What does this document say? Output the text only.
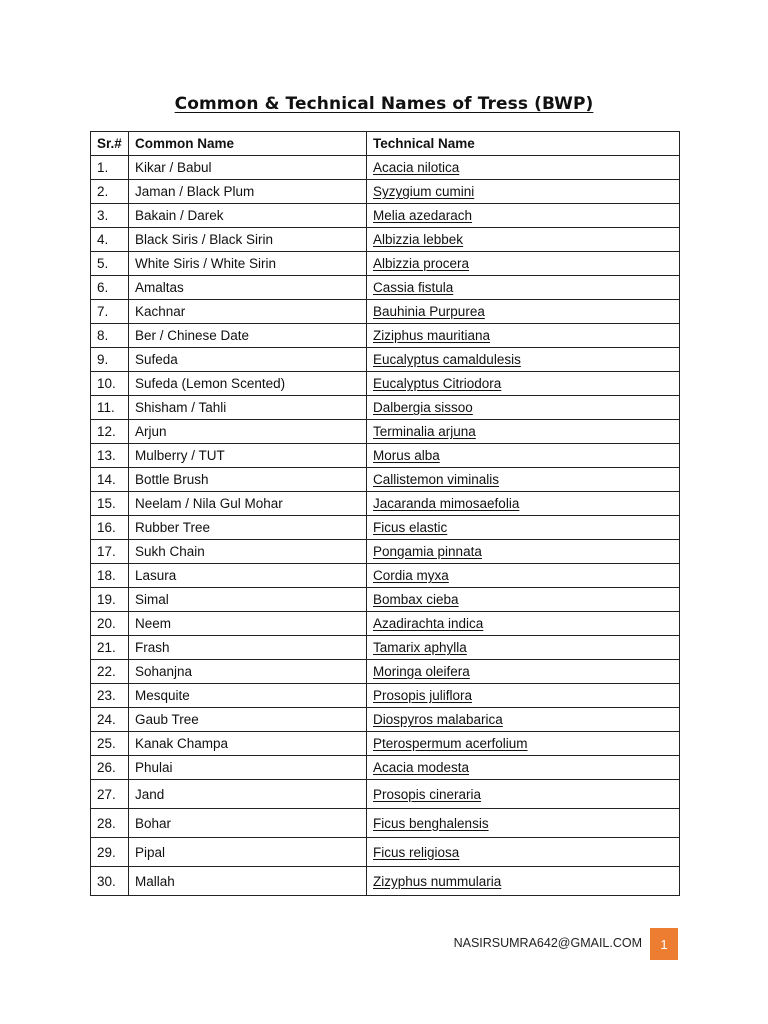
Common & Technical Names of Tress (BWP)
Sr.#	Common Name	Technical Name
1.	Kikar / Babul	Acacia nilotica
2.	Jaman / Black Plum	Syzygium cumini
3.	Bakain / Darek	Melia azedarach
4.	Black Siris / Black Sirin	Albizzia lebbek
5.	White Siris / White Sirin	Albizzia procera
6.	Amaltas	Cassia fistula
7.	Kachnar	Bauhinia Purpurea
8.	Ber / Chinese Date	Ziziphus mauritiana
9.	Sufeda	Eucalyptus camaldulesis
10.	Sufeda (Lemon Scented)	Eucalyptus Citriodora
11.	Shisham / Tahli	Dalbergia sissoo
12.	Arjun	Terminalia arjuna
13.	Mulberry / TUT	Morus alba
14.	Bottle Brush	Callistemon viminalis
15.	Neelam / Nila Gul Mohar	Jacaranda mimosaefolia
16.	Rubber Tree	Ficus elastic
17.	Sukh Chain	Pongamia pinnata
18.	Lasura	Cordia myxa
19.	Simal	Bombax cieba
20.	Neem	Azadirachta indica
21.	Frash	Tamarix aphylla
22.	Sohanjna	Moringa oleifera
23.	Mesquite	Prosopis juliflora
24.	Gaub Tree	Diospyros malabarica
25.	Kanak Champa	Pterospermum acerfolium
26.	Phulai	Acacia modesta
27.	Jand	Prosopis cineraria
28.	Bohar	Ficus benghalensis
29.	Pipal	Ficus religiosa
30.	Mallah	Zizyphus nummularia
NASIRSUMRA642@GMAIL.COM	1
